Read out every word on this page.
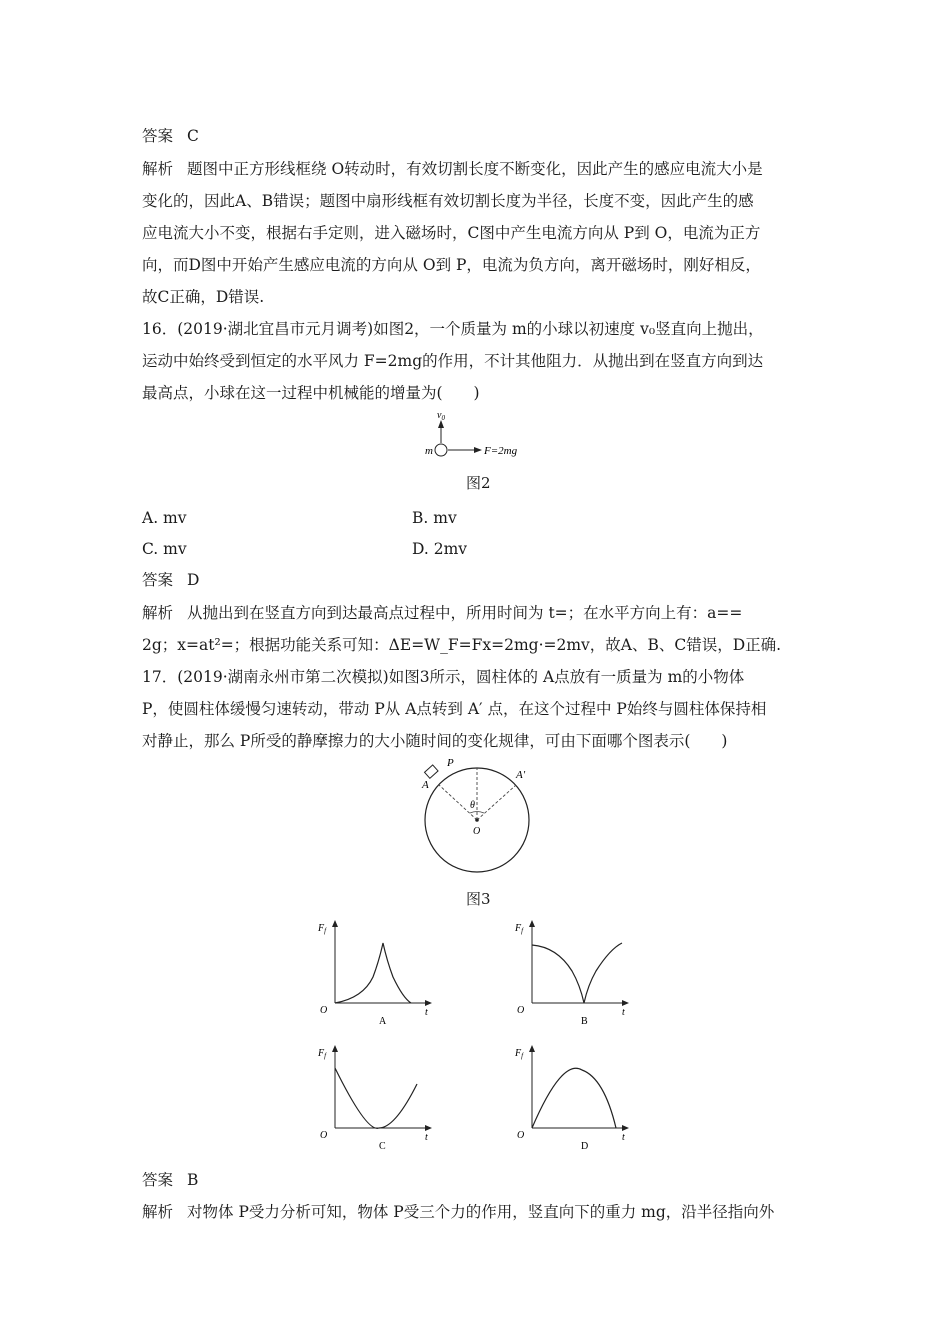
答案 C
解析 题图中正方形线框绕 O转动时，有效切割长度不断变化，因此产生的感应电流大小是
变化的，因此A、B错误；题图中扇形线框有效切割长度为半径，长度不变，因此产生的感
应电流大小不变，根据右手定则，进入磁场时，C图中产生电流方向从 P到 O，电流为正方
向，而D图中开始产生感应电流的方向从 O到 P，电流为负方向，离开磁场时，刚好相反，
故C正确，D错误.
16．(2019·湖北宜昌市元月调考)如图2，一个质量为 m的小球以初速度 v₀竖直向上抛出，
运动中始终受到恒定的水平风力 F=2mg的作用，不计其他阻力．从抛出到在竖直方向到达
最高点，小球在这一过程中机械能的增量为(　　)
$v_0$
m	F=2mg
图2
A. mv	B. mv
C. mv	D. 2mv
答案 D
解析 从抛出到在竖直方向到达最高点过程中，所用时间为 t=；在水平方向上有：a==
2g；x=at²=；根据功能关系可知：ΔE=W_F=Fx=2mg·=2mv，故A、B、C错误，D正确.
17．(2019·湖南永州市第二次模拟)如图3所示，圆柱体的 A点放有一质量为 m的小物体
P，使圆柱体缓慢匀速转动，带动 P从 A点转到 A′ 点，在这个过程中 P始终与圆柱体保持相
对静止，那么 P所受的静摩擦力的大小随时间的变化规律，可由下面哪个图表示(　　)
P
A
A′
θ
O
图3
$F_f$
O	t
A
$F_f$
O	t
B
$F_f$
O	t
C
$F_f$
O	t
D
答案 B
解析 对物体 P受力分析可知，物体 P受三个力的作用，竖直向下的重力 mg，沿半径指向外
